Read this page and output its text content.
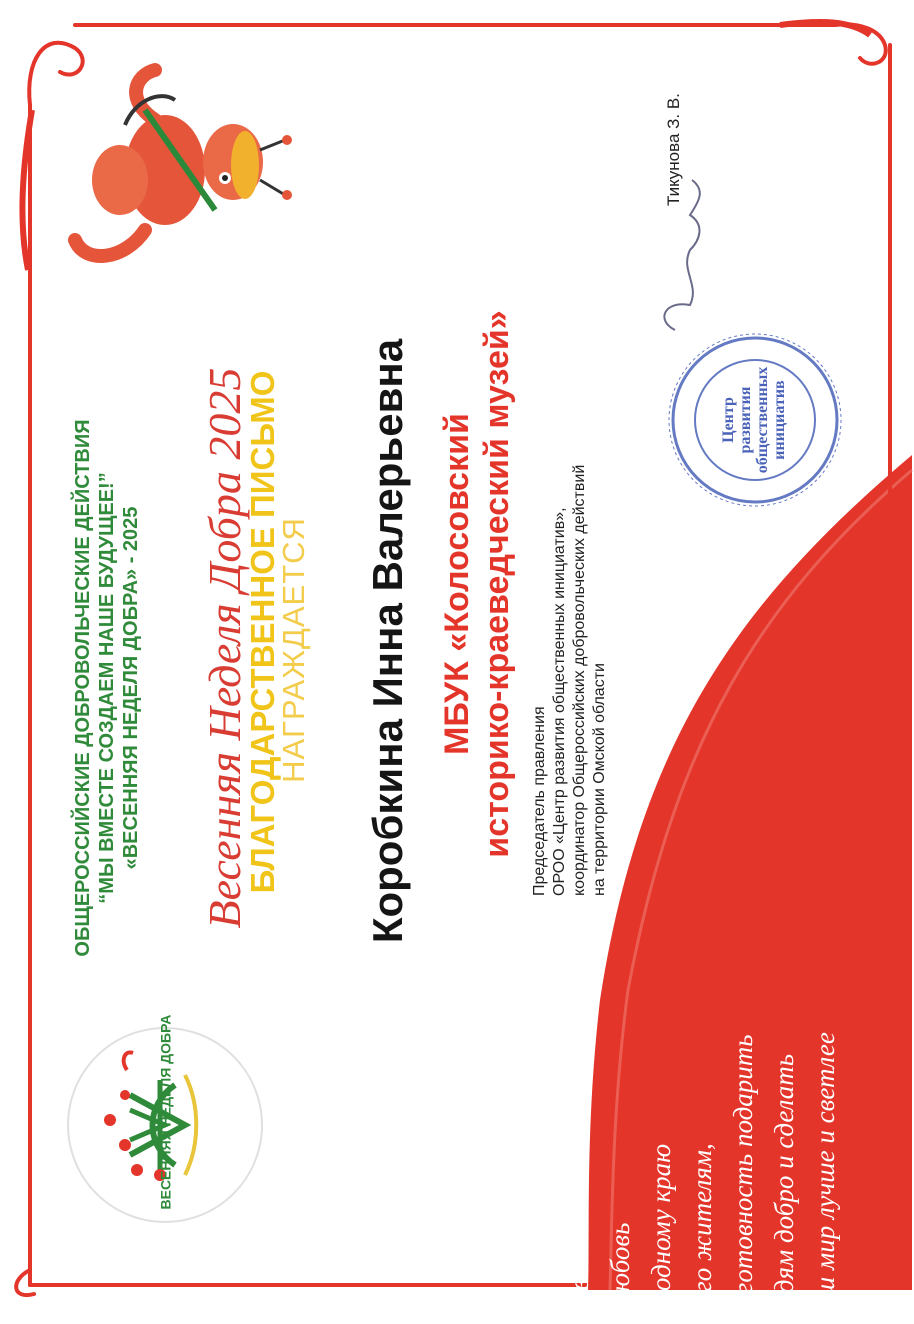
ОБЩЕРОССИЙСКИЕ ДОБРОВОЛЬЧЕСКИЕ ДЕЙСТВИЯ “МЫ ВМЕСТЕ СОЗДАЕМ НАШЕ БУДУЩЕЕ!” «ВЕСЕННЯЯ НЕДЕЛЯ ДОБРА» - 2025 Весенняя Неделя Добра 2025
БЛАГОДАРСТВЕННОЕ ПИСЬМО
НАГРАЖДАЕТСЯ Коробкина Инна Валерьевна МБУК «Колосовский историко-краеведческий музей» Председатель правления ОРОО «Центр развития общественных инициатив», координатор Общероссийских добровольческих действий на территории Омской области
Тикунова З. В.
Центр развития общественных инициатив
ВЕСЕННЯЯ НЕДЕЛЯ ДОБРА
За внимание и любовь к родному краю и его жителям, за готовность подарить людям добро и сделать наш мир лучше и светлее
